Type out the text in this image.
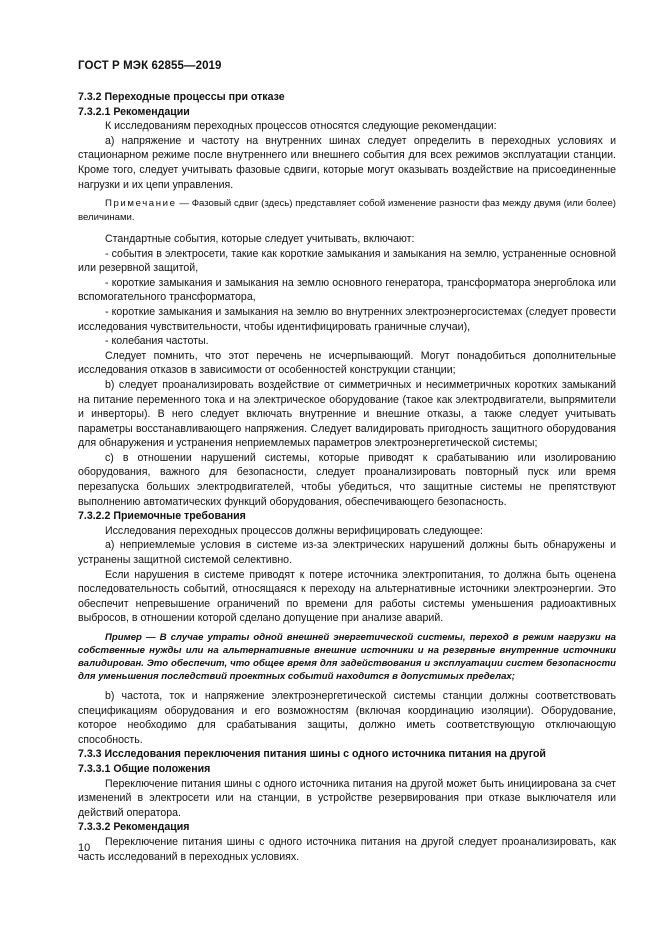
ГОСТ Р МЭК 62855—2019

7.3.2 Переходные процессы при отказе

7.3.2.1 Рекомендации

К исследованиям переходных процессов относятся следующие рекомендации:

а) напряжение и частоту на внутренних шинах следует определить в переходных условиях и стационарном режиме после внутреннего или внешнего события для всех режимов эксплуатации станции. Кроме того, следует учитывать фазовые сдвиги, которые могут оказывать воздействие на присоединенные нагрузки и их цепи управления.

Примечание — Фазовый сдвиг (здесь) представляет собой изменение разности фаз между двумя (или более) величинами.

Стандартные события, которые следует учитывать, включают:

- события в электросети, такие как короткие замыкания и замыкания на землю, устраненные основной или резервной защитой,

- короткие замыкания и замыкания на землю основного генератора, трансформатора энергоблока или вспомогательного трансформатора,

- короткие замыкания и замыкания на землю во внутренних электроэнергосистемах (следует провести исследования чувствительности, чтобы идентифицировать граничные случаи),

- колебания частоты.

Следует помнить, что этот перечень не исчерпывающий. Могут понадобиться дополнительные исследования отказов в зависимости от особенностей конструкции станции;

b) следует проанализировать воздействие от симметричных и несимметричных коротких замыканий на питание переменного тока и на электрическое оборудование (такое как электродвигатели, выпрямители и инверторы). В него следует включать внутренние и внешние отказы, а также следует учитывать параметры восстанавливающего напряжения. Следует валидировать пригодность защитного оборудования для обнаружения и устранения неприемлемых параметров электроэнергетической системы;

c) в отношении нарушений системы, которые приводят к срабатыванию или изолированию оборудования, важного для безопасности, следует проанализировать повторный пуск или время перезапуска больших электродвигателей, чтобы убедиться, что защитные системы не препятствуют выполнению автоматических функций оборудования, обеспечивающего безопасность.

7.3.2.2 Приемочные требования

Исследования переходных процессов должны верифицировать следующее:

а) неприемлемые условия в системе из-за электрических нарушений должны быть обнаружены и устранены защитной системой селективно.

Если нарушения в системе приводят к потере источника электропитания, то должна быть оценена последовательность событий, относящаяся к переходу на альтернативные источники электроэнергии. Это обеспечит непревышение ограничений по времени для работы системы уменьшения радиоактивных выбросов, в отношении которой сделано допущение при анализе аварий.

Пример — В случае утраты одной внешней энергетической системы, переход в режим нагрузки на собственные нужды или на альтернативные внешние источники и на резервные внутренние источники валидирован. Это обеспечит, что общее время для задействования и эксплуатации систем безопасности для уменьшения последствий проектных событий находится в допустимых пределах;

b) частота, ток и напряжение электроэнергетической системы станции должны соответствовать спецификациям оборудования и его возможностям (включая координацию изоляции). Оборудование, которое необходимо для срабатывания защиты, должно иметь соответствующую отключающую способность.

7.3.3 Исследования переключения питания шины с одного источника питания на другой

7.3.3.1 Общие положения

Переключение питания шины с одного источника питания на другой может быть инициирована за счет изменений в электросети или на станции, в устройстве резервирования при отказе выключателя или действий оператора.

7.3.3.2 Рекомендация

Переключение питания шины с одного источника питания на другой следует проанализировать, как часть исследований в переходных условиях.

10
